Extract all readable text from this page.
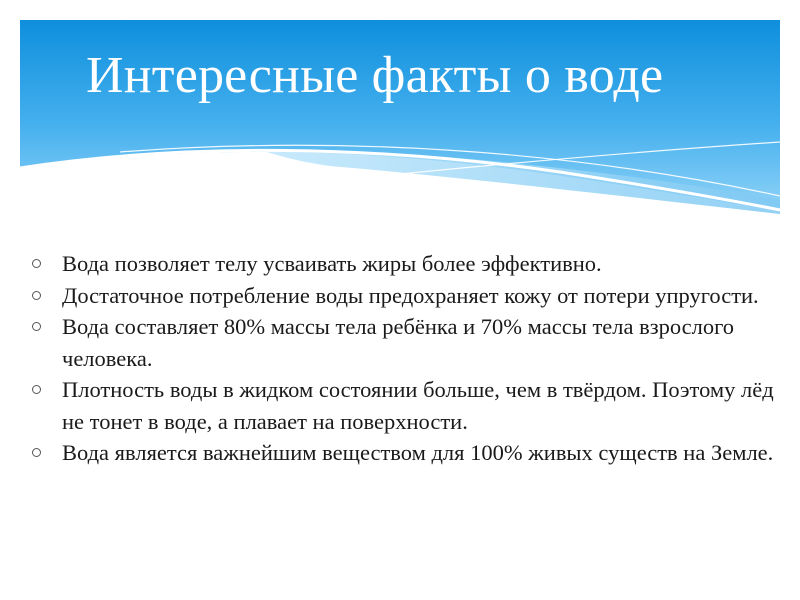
Интересные факты о воде
Вода позволяет телу усваивать жиры более эффективно.
Достаточное потребление воды предохраняет кожу от потери упругости.
Вода составляет 80% массы тела ребёнка и 70% массы тела взрослого человека.
Плотность воды в жидком состоянии больше, чем в твёрдом. Поэтому лёд не тонет в воде, а плавает на поверхности.
Вода является важнейшим веществом для 100% живых существ на Земле.
